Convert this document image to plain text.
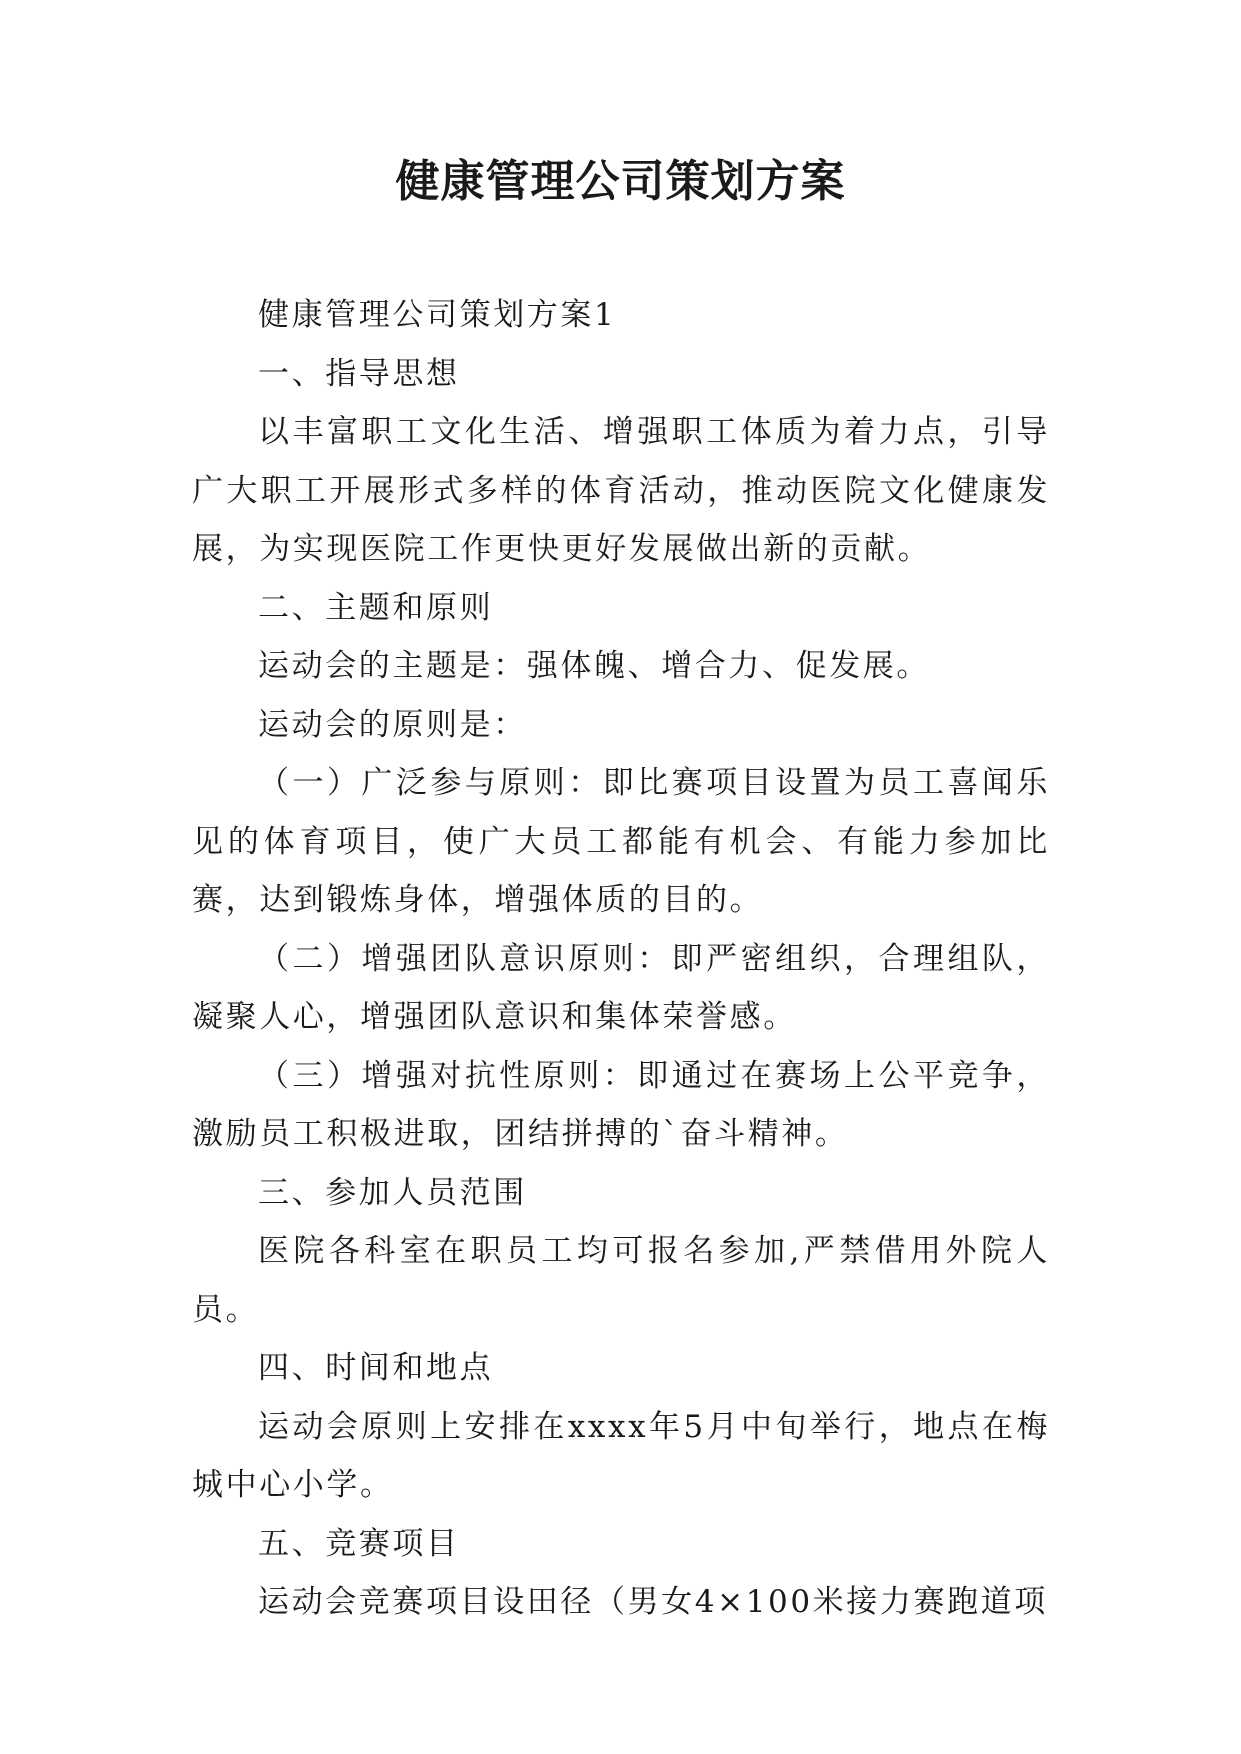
健康管理公司策划方案

健康管理公司策划方案1

一、指导思想

以丰富职工文化生活、增强职工体质为着力点，引导广大职工开展形式多样的体育活动，推动医院文化健康发展，为实现医院工作更快更好发展做出新的贡献。

二、主题和原则

运动会的主题是：强体魄、增合力、促发展。

运动会的原则是：

（一）广泛参与原则：即比赛项目设置为员工喜闻乐见的体育项目，使广大员工都能有机会、有能力参加比赛，达到锻炼身体，增强体质的目的。

（二）增强团队意识原则：即严密组织，合理组队，凝聚人心，增强团队意识和集体荣誉感。

（三）增强对抗性原则：即通过在赛场上公平竞争，激励员工积极进取，团结拼搏的`奋斗精神。

三、参加人员范围

医院各科室在职员工均可报名参加,严禁借用外院人员。

四、时间和地点

运动会原则上安排在xxxx年5月中旬举行，地点在梅城中心小学。

五、竞赛项目

运动会竞赛项目设田径（男女4×100米接力赛跑道项
